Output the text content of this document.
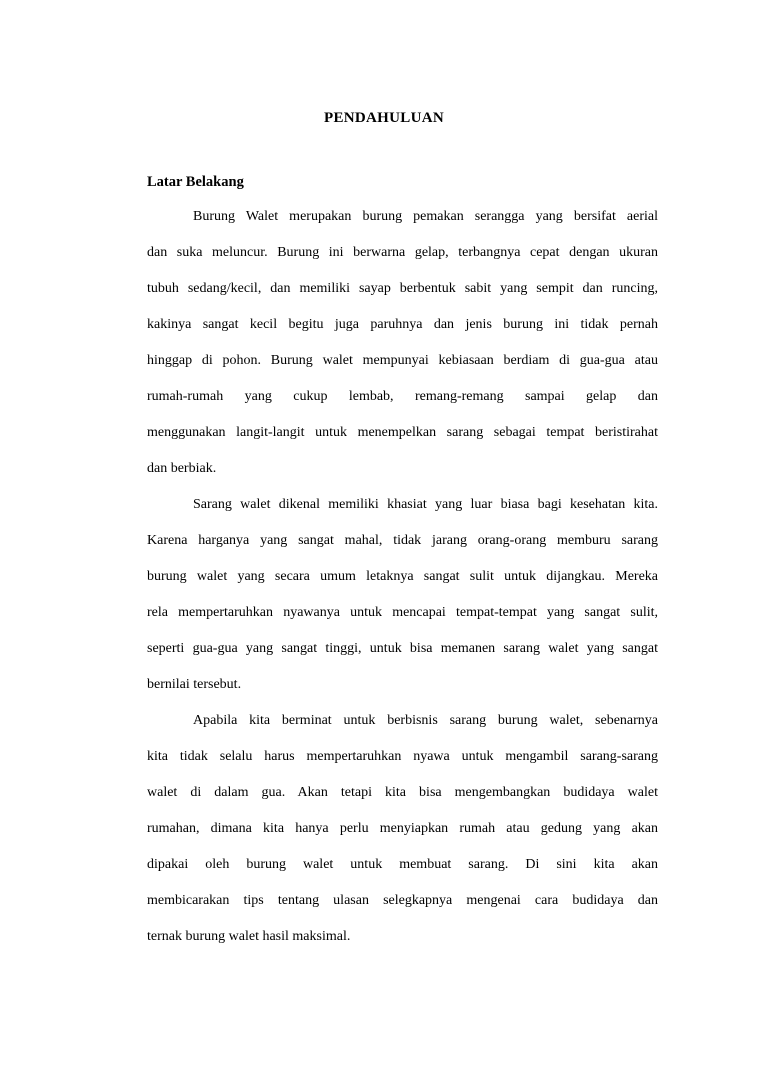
PENDAHULUAN
Latar Belakang
Burung Walet merupakan burung pemakan serangga yang bersifat aerial
dan suka meluncur. Burung ini berwarna gelap, terbangnya cepat dengan ukuran
tubuh sedang/kecil, dan memiliki sayap berbentuk sabit yang sempit dan runcing,
kakinya sangat kecil begitu juga paruhnya dan jenis burung ini tidak pernah
hinggap di pohon. Burung walet mempunyai kebiasaan berdiam di gua-gua atau
rumah-rumah yang cukup lembab, remang-remang sampai gelap dan
menggunakan langit-langit untuk menempelkan sarang sebagai tempat beristirahat
dan berbiak.
Sarang walet dikenal memiliki khasiat yang luar biasa bagi kesehatan kita.
Karena harganya yang sangat mahal, tidak jarang orang-orang memburu sarang
burung walet yang secara umum letaknya sangat sulit untuk dijangkau. Mereka
rela mempertaruhkan nyawanya untuk mencapai tempat-tempat yang sangat sulit,
seperti gua-gua yang sangat tinggi, untuk bisa memanen sarang walet yang sangat
bernilai tersebut.
Apabila kita berminat untuk berbisnis sarang burung walet, sebenarnya
kita tidak selalu harus mempertaruhkan nyawa untuk mengambil sarang-sarang
walet di dalam gua. Akan tetapi kita bisa mengembangkan budidaya walet
rumahan, dimana kita hanya perlu menyiapkan rumah atau gedung yang akan
dipakai oleh burung walet untuk membuat sarang. Di sini kita akan
membicarakan tips tentang ulasan selegkapnya mengenai cara budidaya dan
ternak burung walet hasil maksimal.
